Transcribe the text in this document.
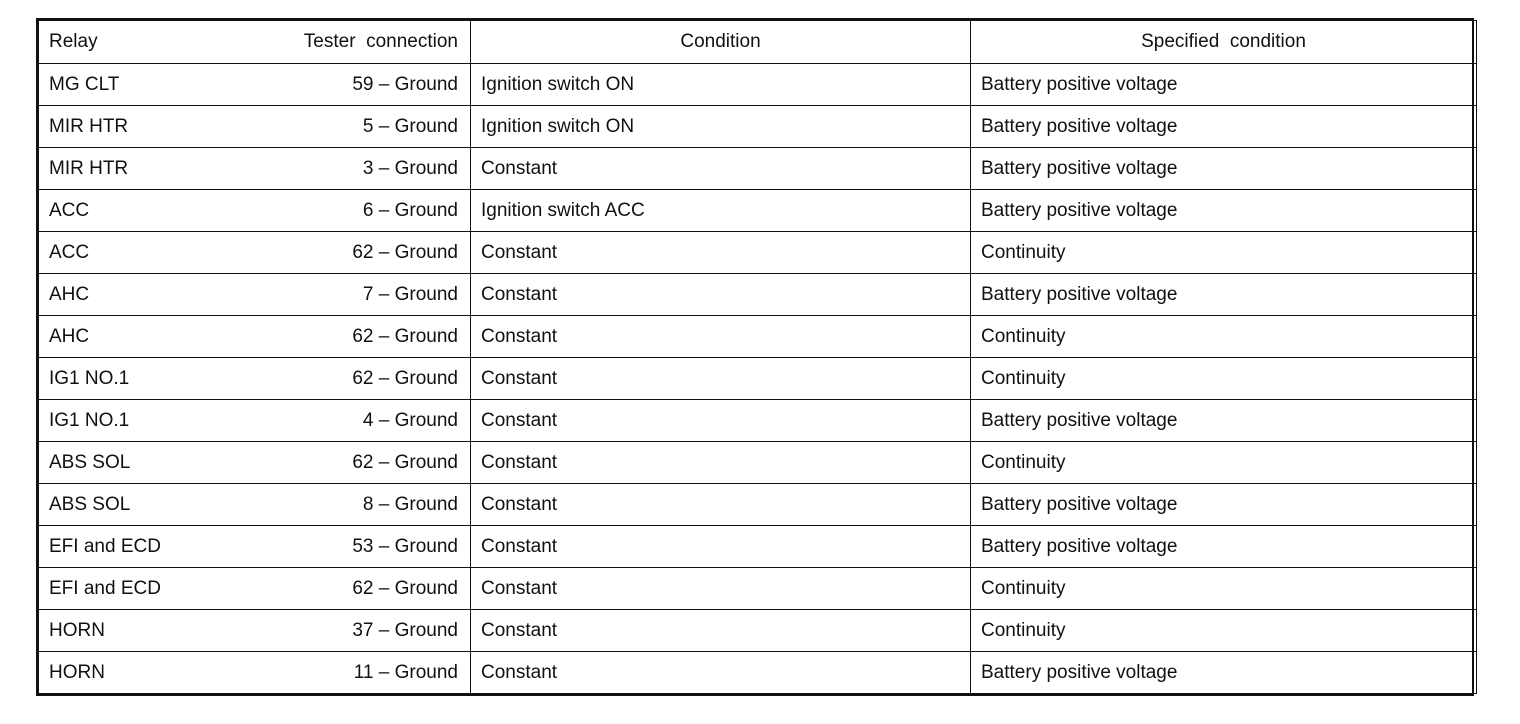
Relay Tester  connection	Condition	Specified  condition

MG CLT 59 – Ground	Ignition switch ON	Battery positive voltage

MIR HTR 5 – Ground	Ignition switch ON	Battery positive voltage

MIR HTR 3 – Ground	Constant	Battery positive voltage

ACC 6 – Ground	Ignition switch ACC	Battery positive voltage

ACC 62 – Ground	Constant	Continuity

AHC 7 – Ground	Constant	Battery positive voltage

AHC 62 – Ground	Constant	Continuity

IG1 NO.1 62 – Ground	Constant	Continuity

IG1 NO.1 4 – Ground	Constant	Battery positive voltage

ABS SOL 62 – Ground	Constant	Continuity

ABS SOL 8 – Ground	Constant	Battery positive voltage

EFI and ECD 53 – Ground	Constant	Battery positive voltage

EFI and ECD 62 – Ground	Constant	Continuity

HORN 37 – Ground	Constant	Continuity

HORN 11 – Ground	Constant	Battery positive voltage
